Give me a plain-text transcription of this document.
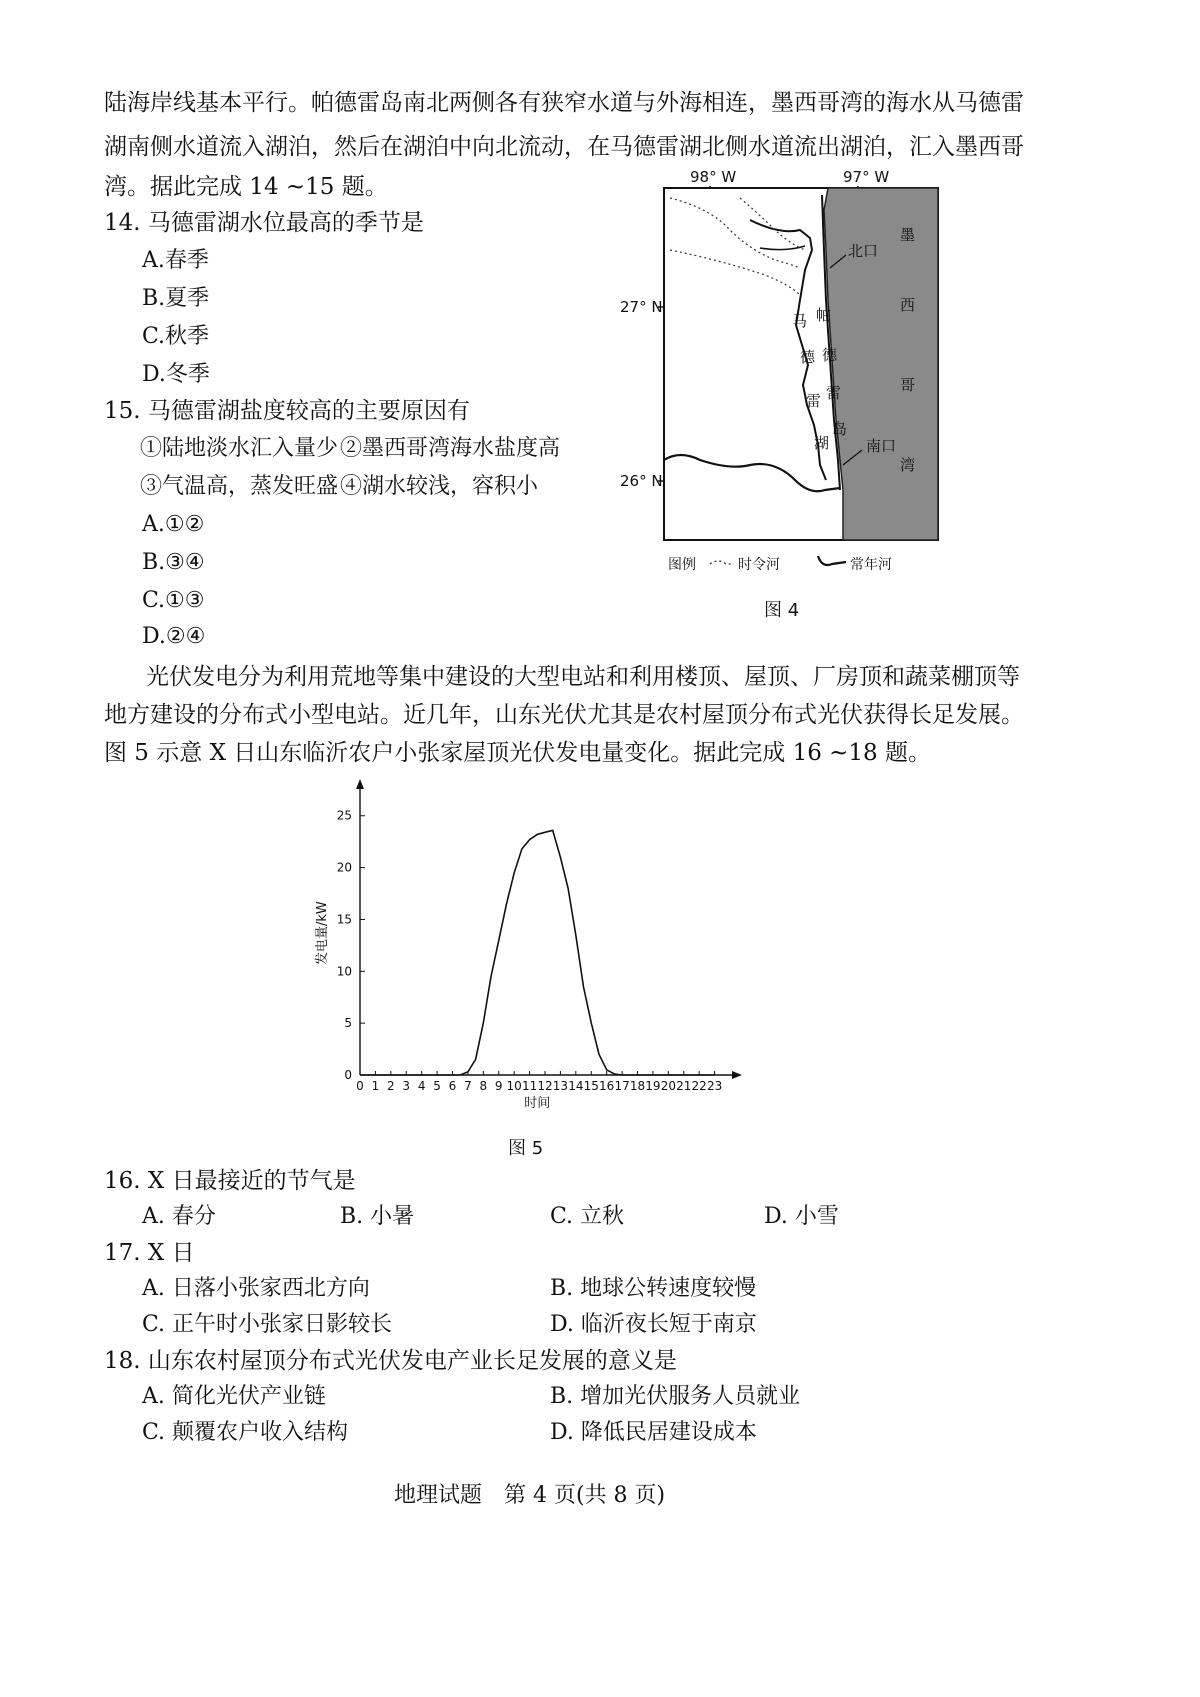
陆海岸线基本平行。帕德雷岛南北两侧各有狭窄水道与外海相连，墨西哥湾的海水从马德雷
湖南侧水道流入湖泊，然后在湖泊中向北流动，在马德雷湖北侧水道流出湖泊，汇入墨西哥
湾。据此完成 14 ~15 题。
14. 马德雷湖水位最高的季节是
A.春季
B.夏季
C.秋季
D.冬季
15. 马德雷湖盐度较高的主要原因有
①陆地淡水汇入量少 ②墨西哥湾海水盐度高
③气温高，蒸发旺盛 ④湖水较浅，容积小
A.①②
B.③④
C.①③
D.②④
98° W	97° W
27° N
26° N
北口
南口
墨
西
哥
湾
马
德
雷
湖
帕
德
雷
岛
图例	时令河	常年河
图 4
光伏发电分为利用荒地等集中建设的大型电站和利用楼顶、屋顶、厂房顶和蔬菜棚顶等
地方建设的分布式小型电站。近几年，山东光伏尤其是农村屋顶分布式光伏获得长足发展。
图 5 示意 X 日山东临沂农户小张家屋顶光伏发电量变化。据此完成 16 ~18 题。
0 1 2 3 4 5 6 7 8 9 10 11 12 13 14 15 16 17 18 19 20 21 22 23
0
5
10
15
20
25
发电量/kW
时间
图 5
16. X 日最接近的节气是
A. 春分	B. 小暑	C. 立秋	D. 小雪
17. X 日
A. 日落小张家西北方向	B. 地球公转速度较慢
C. 正午时小张家日影较长	D. 临沂夜长短于南京
18. 山东农村屋顶分布式光伏发电产业长足发展的意义是
A. 简化光伏产业链	B. 增加光伏服务人员就业
C. 颠覆农户收入结构	D. 降低民居建设成本
地理试题　第 4 页(共 8 页)
